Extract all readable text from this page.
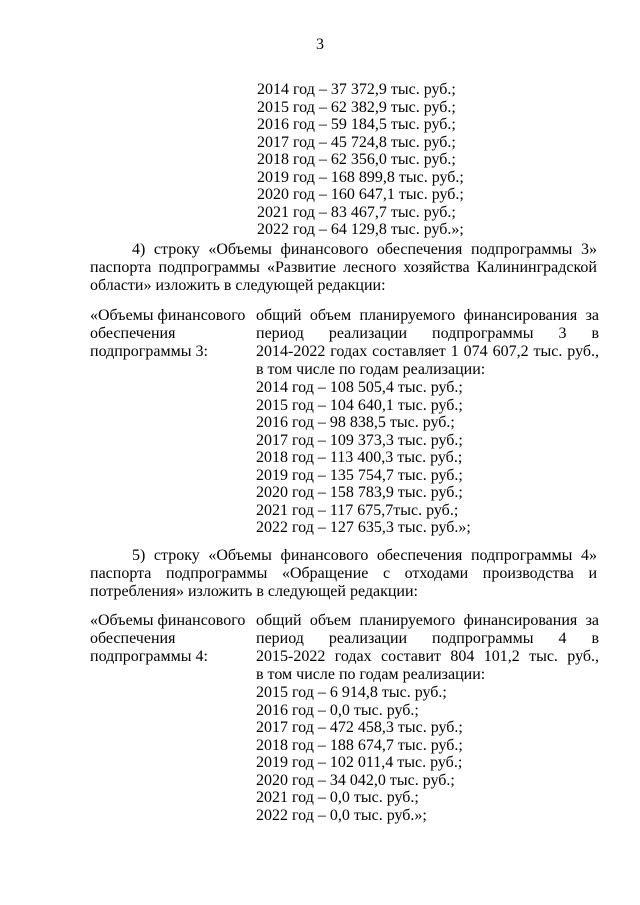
3
2014 год – 37 372,9 тыс. руб.;
2015 год – 62 382,9 тыс. руб.;
2016 год – 59 184,5 тыс. руб.;
2017 год – 45 724,8 тыс. руб.;
2018 год – 62 356,0 тыс. руб.;
2019 год – 168 899,8 тыс. руб.;
2020 год – 160 647,1 тыс. руб.;
2021 год – 83 467,7 тыс. руб.;
2022 год – 64 129,8 тыс. руб.»;
4) строку «Объемы финансового обеспечения подпрограммы 3»
паспорта подпрограммы «Развитие лесного хозяйства Калининградской
области» изложить в следующей редакции:
«Объемы финансового
обеспечения
подпрограммы 3:
общий объем планируемого финансирования за
период реализации подпрограммы 3 в
2014-2022 годах составляет 1 074 607,2 тыс. руб.,
в том числе по годам реализации:
2014 год – 108 505,4 тыс. руб.;
2015 год – 104 640,1 тыс. руб.;
2016 год – 98 838,5 тыс. руб.;
2017 год – 109 373,3 тыс. руб.;
2018 год – 113 400,3 тыс. руб.;
2019 год – 135 754,7 тыс. руб.;
2020 год – 158 783,9 тыс. руб.;
2021 год – 117 675,7тыс. руб.;
2022 год – 127 635,3 тыс. руб.»;
5) строку «Объемы финансового обеспечения подпрограммы 4»
паспорта подпрограммы «Обращение с отходами производства и
потребления» изложить в следующей редакции:
«Объемы финансового
обеспечения
подпрограммы 4:
общий объем планируемого финансирования за
период реализации подпрограммы 4 в
2015-2022 годах составит 804 101,2 тыс. руб.,
в том числе по годам реализации:
2015 год – 6 914,8 тыс. руб.;
2016 год – 0,0 тыс. руб.;
2017 год – 472 458,3 тыс. руб.;
2018 год – 188 674,7 тыс. руб.;
2019 год – 102 011,4 тыс. руб.;
2020 год – 34 042,0 тыс. руб.;
2021 год – 0,0 тыс. руб.;
2022 год – 0,0 тыс. руб.»;
